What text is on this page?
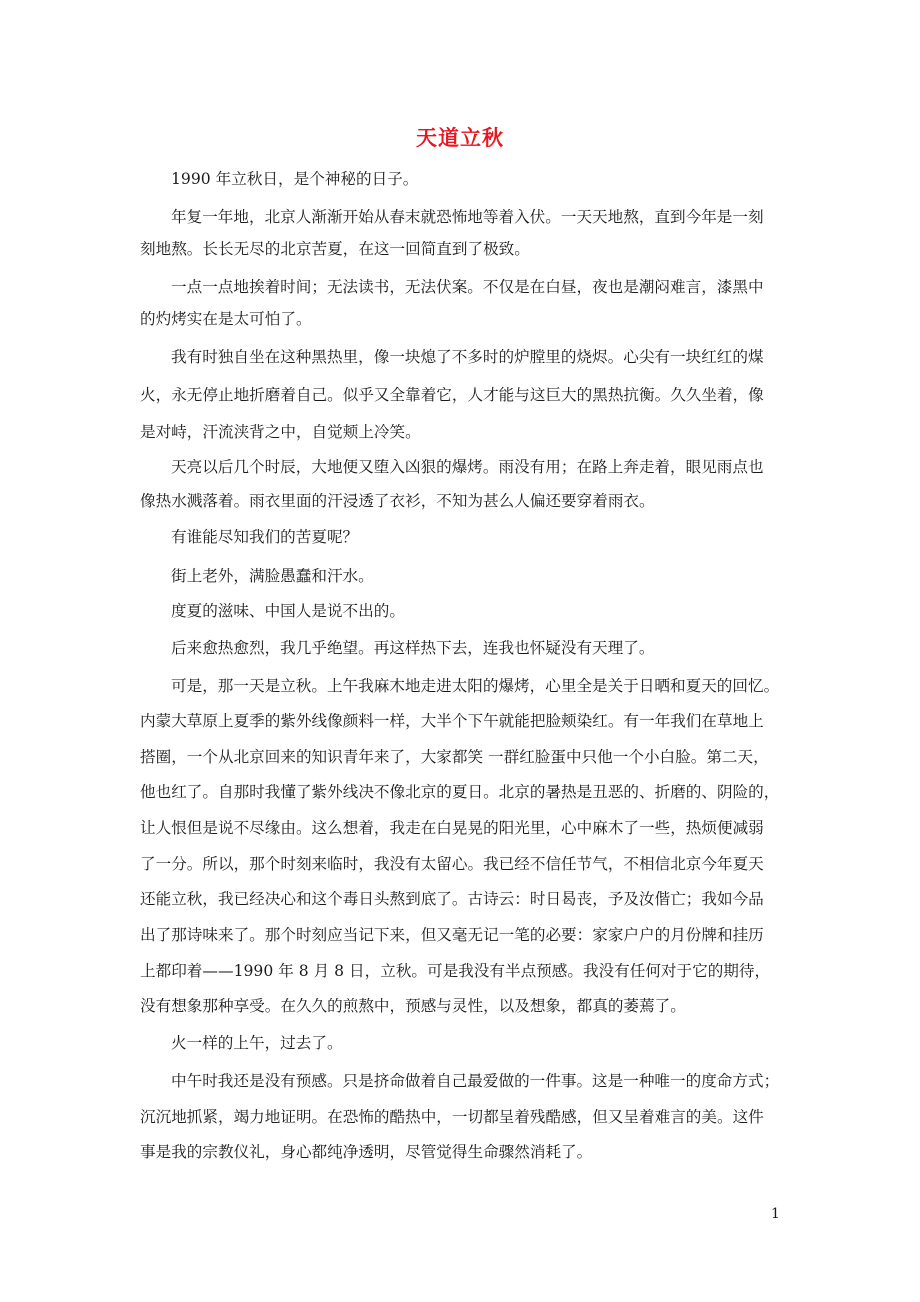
天道立秋
1990 年立秋日，是个神秘的日子。
年复一年地，北京人渐渐开始从春末就恐怖地等着入伏。一天天地熬，直到今年是一刻
刻地熬。长长无尽的北京苦夏，在这一回简直到了极致。
一点一点地挨着时间；无法读书，无法伏案。不仅是在白昼，夜也是潮闷难言，漆黑中
的灼烤实在是太可怕了。
我有时独自坐在这种黑热里，像一块熄了不多时的炉膛里的烧烬。心尖有一块红红的煤
火，永无停止地折磨着自己。似乎又全靠着它，人才能与这巨大的黑热抗衡。久久坐着，像
是对峙，汗流浃背之中，自觉颊上冷笑。
天亮以后几个时辰，大地便又堕入凶狠的爆烤。雨没有用；在路上奔走着，眼见雨点也
像热水溅落着。雨衣里面的汗浸透了衣衫，不知为甚么人偏还要穿着雨衣。
有谁能尽知我们的苦夏呢？
街上老外，满脸愚蠢和汗水。
度夏的滋味、中国人是说不出的。
后来愈热愈烈，我几乎绝望。再这样热下去，连我也怀疑没有天理了。
可是，那一天是立秋。上午我麻木地走进太阳的爆烤，心里全是关于日晒和夏天的回忆。
内蒙大草原上夏季的紫外线像颜料一样，大半个下午就能把脸颊染红。有一年我们在草地上
搭圈，一个从北京回来的知识青年来了，大家都笑 一群红脸蛋中只他一个小白脸。第二天，
他也红了。自那时我懂了紫外线决不像北京的夏日。北京的暑热是丑恶的、折磨的、阴险的，
让人恨但是说不尽缘由。这么想着，我走在白晃晃的阳光里，心中麻木了一些，热烦便减弱
了一分。所以，那个时刻来临时，我没有太留心。我已经不信任节气，不相信北京今年夏天
还能立秋，我已经决心和这个毒日头熬到底了。古诗云：时日曷丧，予及汝偕亡；我如今品
出了那诗味来了。那个时刻应当记下来，但又毫无记一笔的必要：家家户户的月份牌和挂历
上都印着——1990 年 8 月 8 日，立秋。可是我没有半点预感。我没有任何对于它的期待，
没有想象那种享受。在久久的煎熬中，预感与灵性，以及想象，都真的萎蔫了。
火一样的上午，过去了。
中午时我还是没有预感。只是挤命做着自己最爱做的一件事。这是一种唯一的度命方式；
沉沉地抓紧，竭力地证明。在恐怖的酷热中，一切都呈着残酷感，但又呈着难言的美。这件
事是我的宗教仪礼，身心都纯净透明，尽管觉得生命骤然消耗了。
1
